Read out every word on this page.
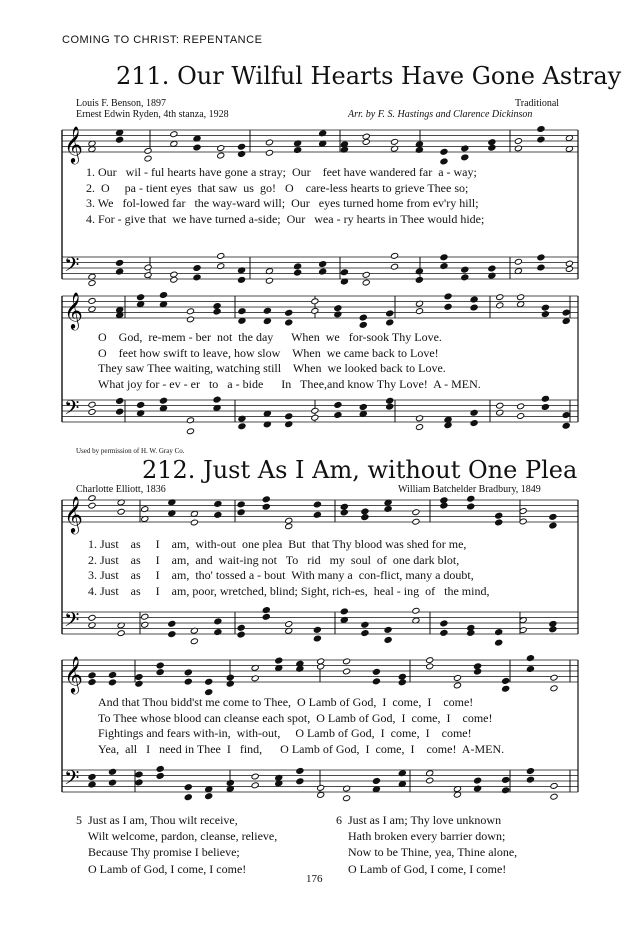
COMING TO CHRIST: REPENTANCE
211. Our Wilful Hearts Have Gone Astray
Louis F. Benson, 1897
Ernest Edwin Ryden, 4th stanza, 1928
Traditional
Arr. by F. S. Hastings and Clarence Dickinson
𝄞
𝄞
𝄞
𝄞
𝄢
𝄢
𝄢
𝄢
1. Our   wil - ful hearts have gone a stray;  Our    feet have wandered far  a - way;
2.  O     pa - tient eyes  that saw  us  go!   O    care-less hearts to grieve Thee so;
3. We   fol-lowed far   the way-ward will;  Our   eyes turned home from ev'ry hill;
4. For - give that  we have turned a-side;  Our   wea - ry hearts in Thee would hide;
O    God,  re-mem - ber  not  the day      When  we   for-sook Thy Love.
O    feet how swift to leave, how slow    When  we came back to Love!
They saw Thee waiting, watching still    When  we looked back to Love.
What joy for - ev - er   to   a - bide      In   Thee,and know Thy Love!  A - MEN.
Used by permission of H. W. Gray Co.
212. Just As I Am, without One Plea
Charlotte Elliott, 1836	William Batchelder Bradbury, 1849
1. Just    as     I    am,  with-out  one plea  But  that Thy blood was shed for me,
2. Just    as     I    am,  and  wait-ing not   To   rid   my  soul  of  one dark blot,
3. Just    as     I    am,  tho' tossed a - bout  With many a  con-flict, many a doubt,
4. Just    as     I    am, poor, wretched, blind; Sight, rich-es,  heal - ing  of   the mind,
And that Thou bidd'st me come to Thee,  O Lamb of God,  I  come,  I    come!
To Thee whose blood can cleanse each spot,  O Lamb of God,  I  come,  I    come!
Fightings and fears with-in,  with-out,     O Lamb of God,  I  come,  I    come!
Yea,  all   I   need in Thee  I   find,      O Lamb of God,  I  come,  I    come!  A-MEN.
5  Just as I am, Thou wilt receive,
Wilt welcome, pardon, cleanse, relieve,
Because Thy promise I believe;
O Lamb of God, I come, I come!
6  Just as I am; Thy love unknown
Hath broken every barrier down;
Now to be Thine, yea, Thine alone,
O Lamb of God, I come, I come!
176
